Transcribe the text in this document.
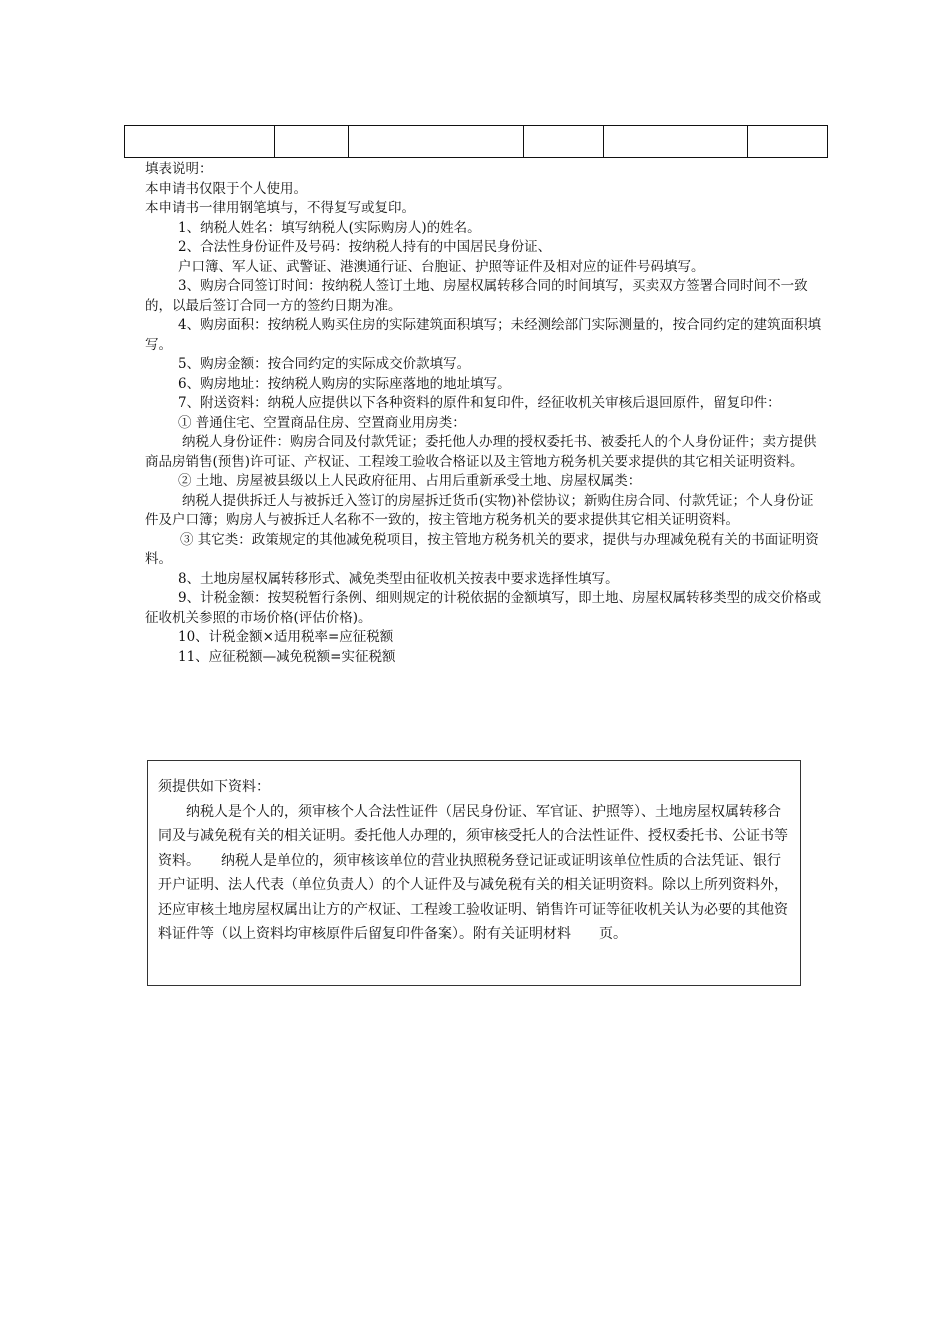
填表说明：

本申请书仅限于个人使用。

本申请书一律用钢笔填与，不得复写或复印。

1、纳税人姓名：填写纳税人(实际购房人)的姓名。

2、合法性身份证件及号码：按纳税人持有的中国居民身份证、

户口簿、军人证、武警证、港澳通行证、台胞证、护照等证件及相对应的证件号码填写。

3、购房合同签订时间：按纳税人签订土地、房屋权属转移合同的时间填写，买卖双方签署合同时间不一致的，以最后签订合同一方的签约日期为准。

4、购房面积：按纳税人购买住房的实际建筑面积填写；未经测绘部门实际测量的，按合同约定的建筑面积填写。

5、购房金额：按合同约定的实际成交价款填写。

6、购房地址：按纳税人购房的实际座落地的地址填写。

7、附送资料：纳税人应提供以下各种资料的原件和复印件，经征收机关审核后退回原件，留复印件：

① 普通住宅、空置商品住房、空置商业用房类：

纳税人身份证件：购房合同及付款凭证；委托他人办理的授权委托书、被委托人的个人身份证件；卖方提供商品房销售(预售)许可证、产权证、工程竣工验收合格证以及主管地方税务机关要求提供的其它相关证明资料。

② 土地、房屋被县级以上人民政府征用、占用后重新承受土地、房屋权属类：

纳税人提供拆迁人与被拆迁入签订的房屋拆迁货币(实物)补偿协议；新购住房合同、付款凭证；个人身份证件及户口簿；购房人与被拆迁人名称不一致的，按主管地方税务机关的要求提供其它相关证明资料。

③ 其它类：政策规定的其他减免税项目，按主管地方税务机关的要求，提供与办理减免税有关的书面证明资料。

8、土地房屋权属转移形式、减免类型由征收机关按表中要求选择性填写。

9、计税金额：按契税暂行条例、细则规定的计税依据的金额填写，即土地、房屋权属转移类型的成交价格或征收机关参照的市场价格(评估价格)。

10、计税金额×适用税率=应征税额

11、应征税额—减免税额=实征税额

须提供如下资料：

纳税人是个人的，须审核个人合法性证件（居民身份证、军官证、护照等）、土地房屋权属转移合同及与减免税有关的相关证明。委托他人办理的，须审核受托人的合法性证件、授权委托书、公证书等资料。　　纳税人是单位的，须审核该单位的营业执照税务登记证或证明该单位性质的合法凭证、银行开户证明、法人代表（单位负责人）的个人证件及与减免税有关的相关证明资料。除以上所列资料外，还应审核土地房屋权属出让方的产权证、工程竣工验收证明、销售许可证等征收机关认为必要的其他资料证件等（以上资料均审核原件后留复印件备案）。附有关证明材料　　页。
